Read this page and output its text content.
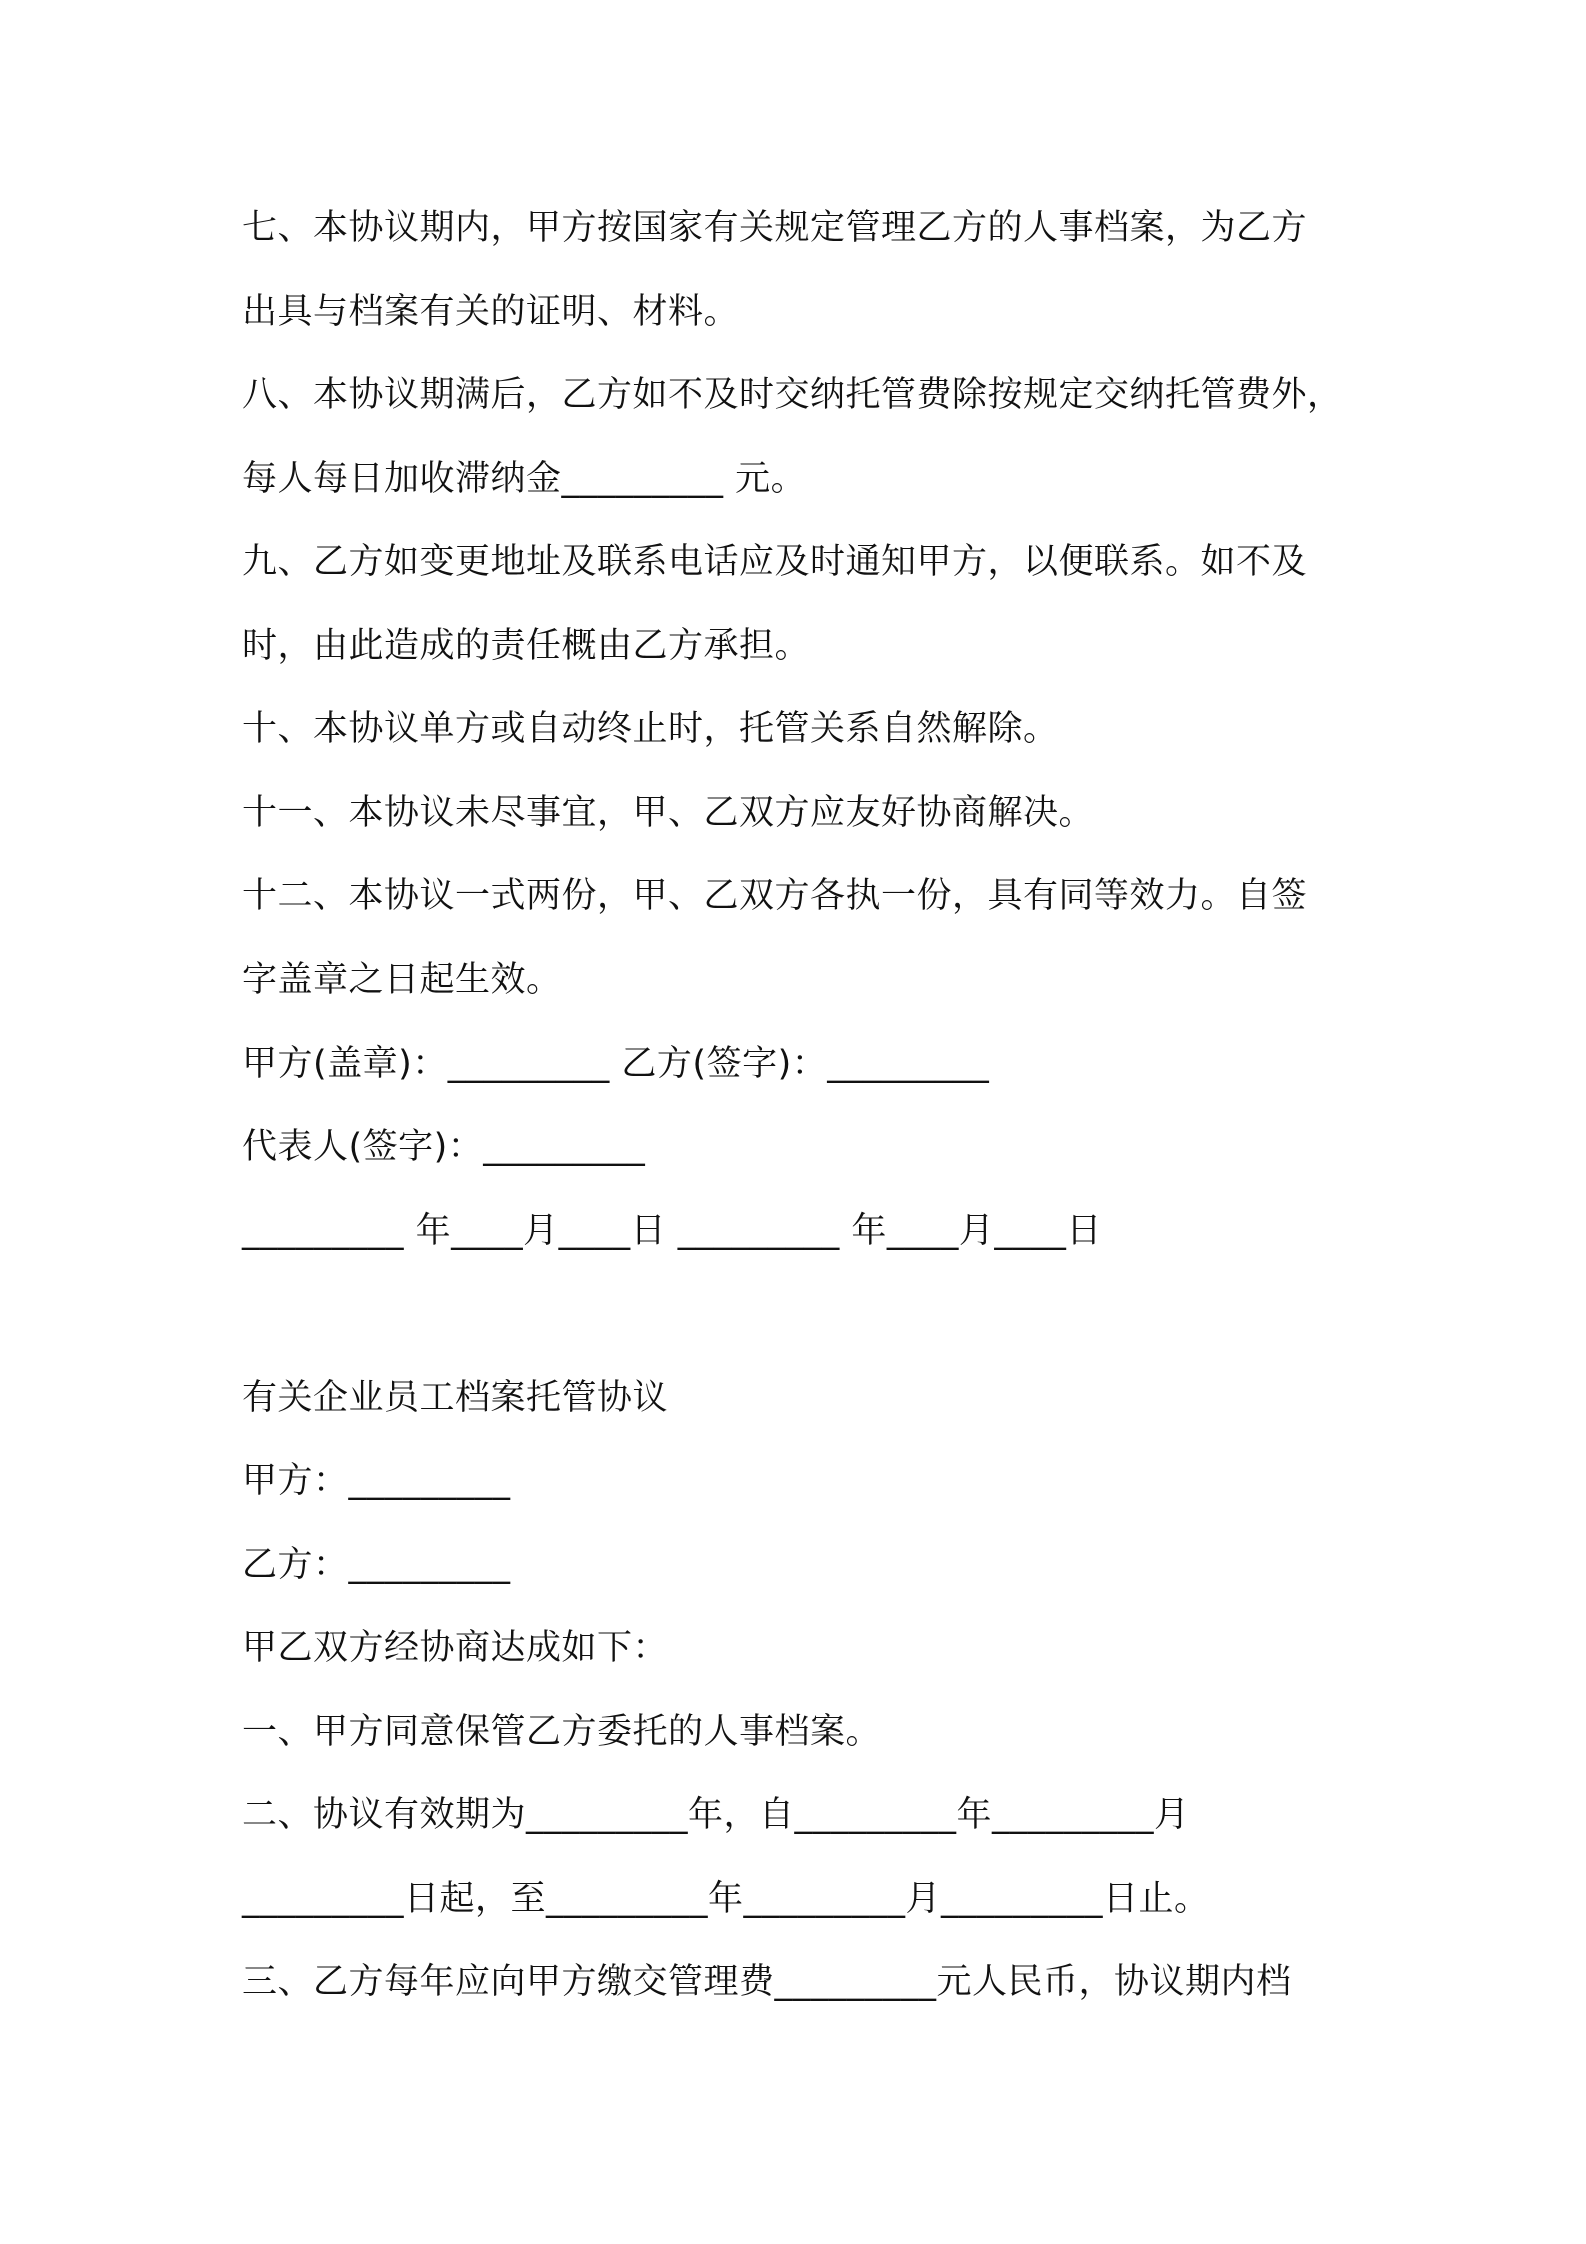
七、本协议期内，甲方按国家有关规定管理乙方的人事档案，为乙方
出具与档案有关的证明、材料。
八、本协议期满后，乙方如不及时交纳托管费除按规定交纳托管费外，
每人每日加收滞纳金_________ 元。
九、乙方如变更地址及联系电话应及时通知甲方，以便联系。如不及
时，由此造成的责任概由乙方承担。
十、本协议单方或自动终止时，托管关系自然解除。
十一、本协议未尽事宜，甲、乙双方应友好协商解决。
十二、本协议一式两份，甲、乙双方各执一份，具有同等效力。自签
字盖章之日起生效。
甲方(盖章)：_________ 乙方(签字)：_________
代表人(签字)：_________
_________ 年____月____日 _________ 年____月____日
有关企业员工档案托管协议
甲方：_________
乙方：_________
甲乙双方经协商达成如下：
一、甲方同意保管乙方委托的人事档案。
二、协议有效期为_________年，自_________年_________月
_________日起，至_________年_________月_________日止。
三、乙方每年应向甲方缴交管理费_________元人民币，协议期内档
